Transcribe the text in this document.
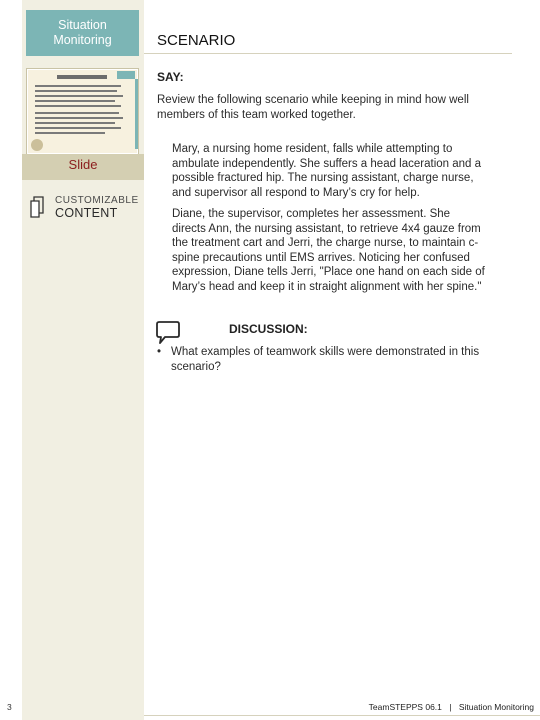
Situation
Monitoring
Slide
CUSTOMIZABLE
CONTENT
3
SCENARIO
SAY:
Review the following scenario while keeping in mind how well
members of this team worked together.
Mary, a nursing home resident, falls while attempting to
ambulate independently. She suffers a head laceration and a
possible fractured hip. The nursing assistant, charge nurse,
and supervisor all respond to Mary’s cry for help.
Diane, the supervisor, completes her assessment. She
directs Ann, the nursing assistant, to retrieve 4x4 gauze from
the treatment cart and Jerri, the charge nurse, to maintain c-
spine precautions until EMS arrives. Noticing her confused
expression, Diane tells Jerri, "Place one hand on each side of
Mary’s head and keep it in straight alignment with her spine."
DISCUSSION:
• What examples of teamwork skills were demonstrated in this
scenario?
TeamSTEPPS 06.1 | Situation Monitoring
